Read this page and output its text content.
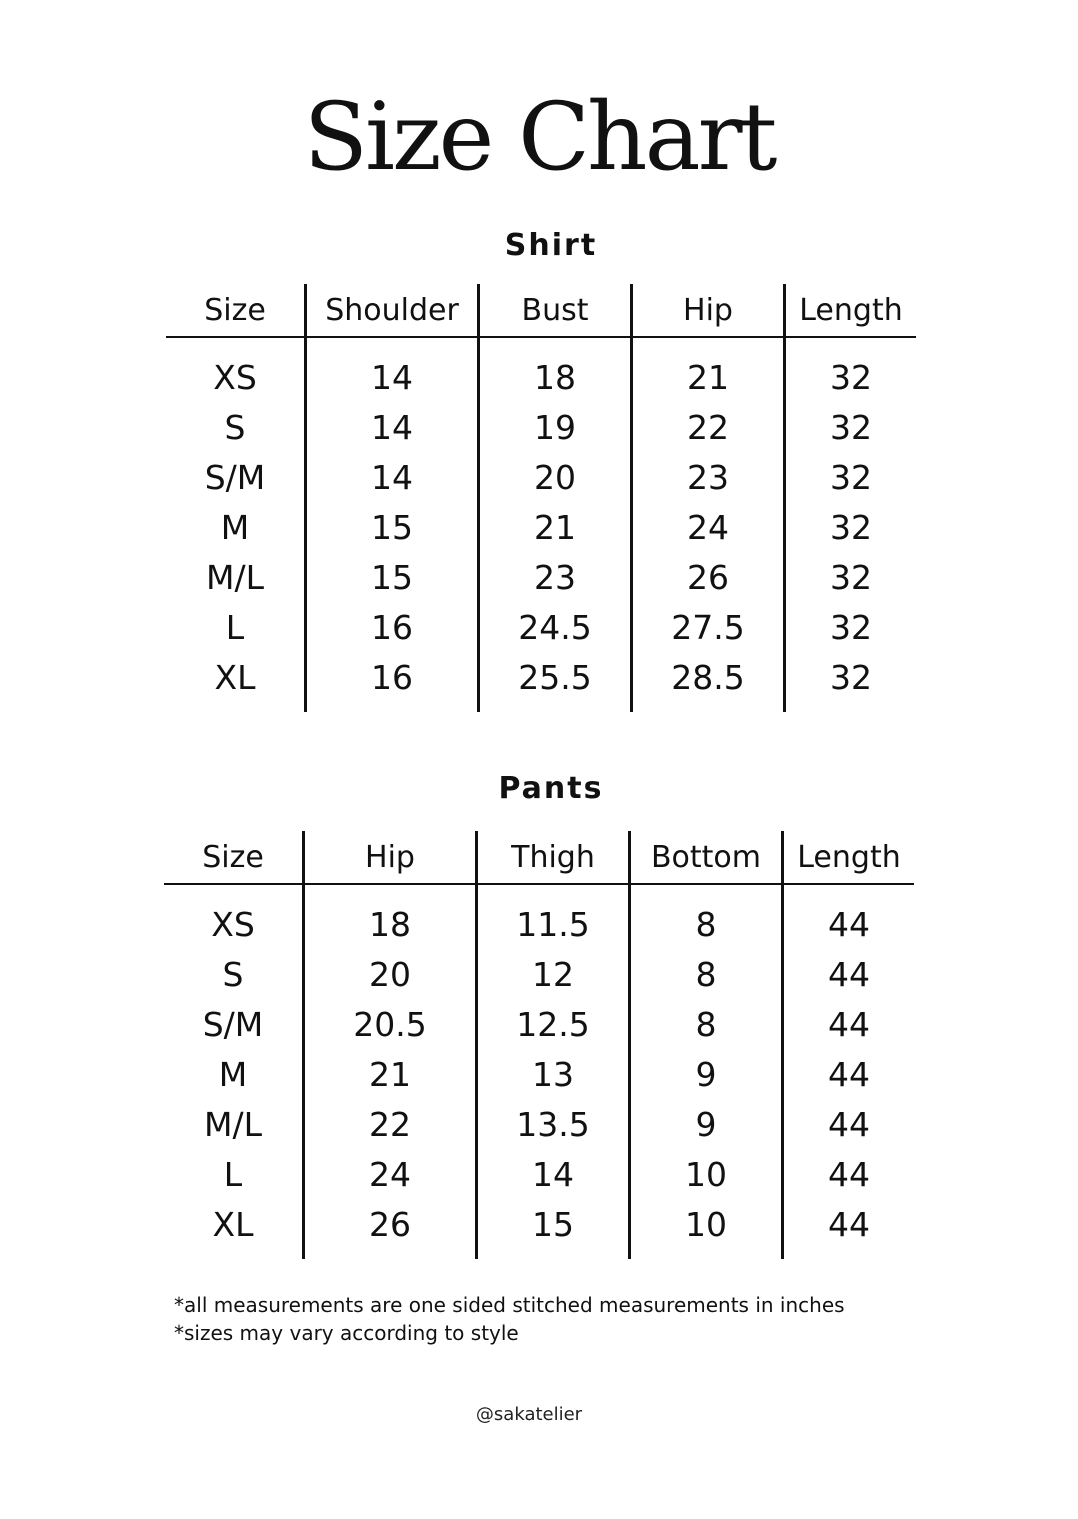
Size Chart
Shirt
Size	Shoulder	Bust	Hip	Length
XS	14	18	21	32
S	14	19	22	32
S/M	14	20	23	32
M	15	21	24	32
M/L	15	23	26	32
L	16	24.5	27.5	32
XL	16	25.5	28.5	32
Pants
Size	Hip	Thigh	Bottom	Length
XS	18	11.5	8	44
S	20	12	8	44
S/M	20.5	12.5	8	44
M	21	13	9	44
M/L	22	13.5	9	44
L	24	14	10	44
XL	26	15	10	44
*all measurements are one sided stitched measurements in inches
*sizes may vary according to style
@sakatelier
